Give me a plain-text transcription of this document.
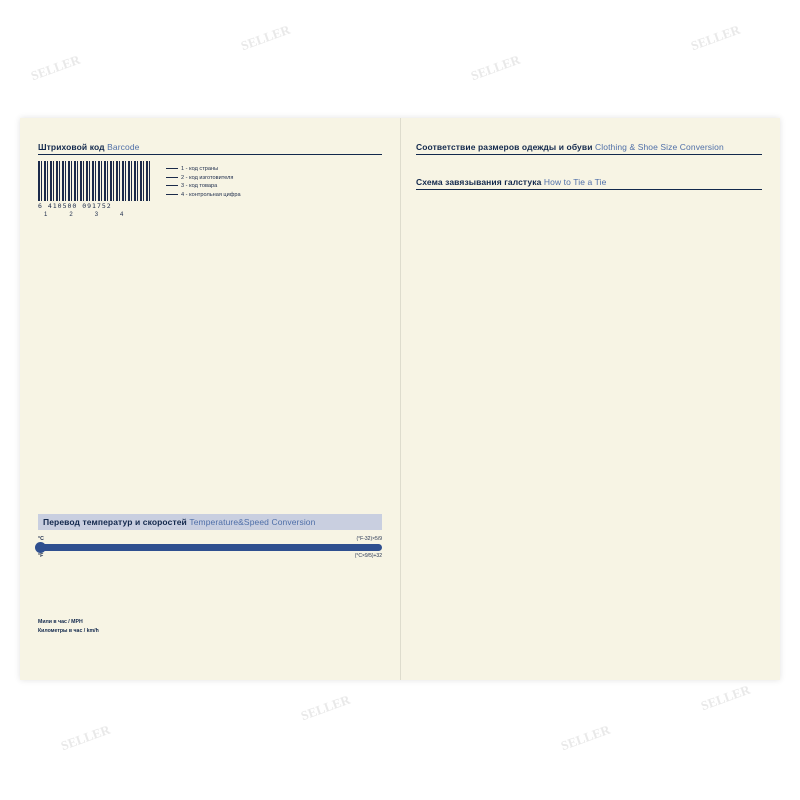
SELLER
SELLER
SELLER
SELLER
SELLER
SELLER
SELLER
SELLER
Штриховой код Barcode
6 410500 091752
1	2	3	4
1 - код страны
2 - код изготовителя
3 - код товара
4 - контрольная цифра
Перевод температур и скоростей Temperature&Speed Conversion
°C	(°F-32)×5/9
°F	(°C×9/5)+32
Мили в час / MPH
Километры в час / km/h
Соответствие размеров одежды и обуви Clothing & Shoe Size Conversion
Схема завязывания галстука How to Tie a Tie
